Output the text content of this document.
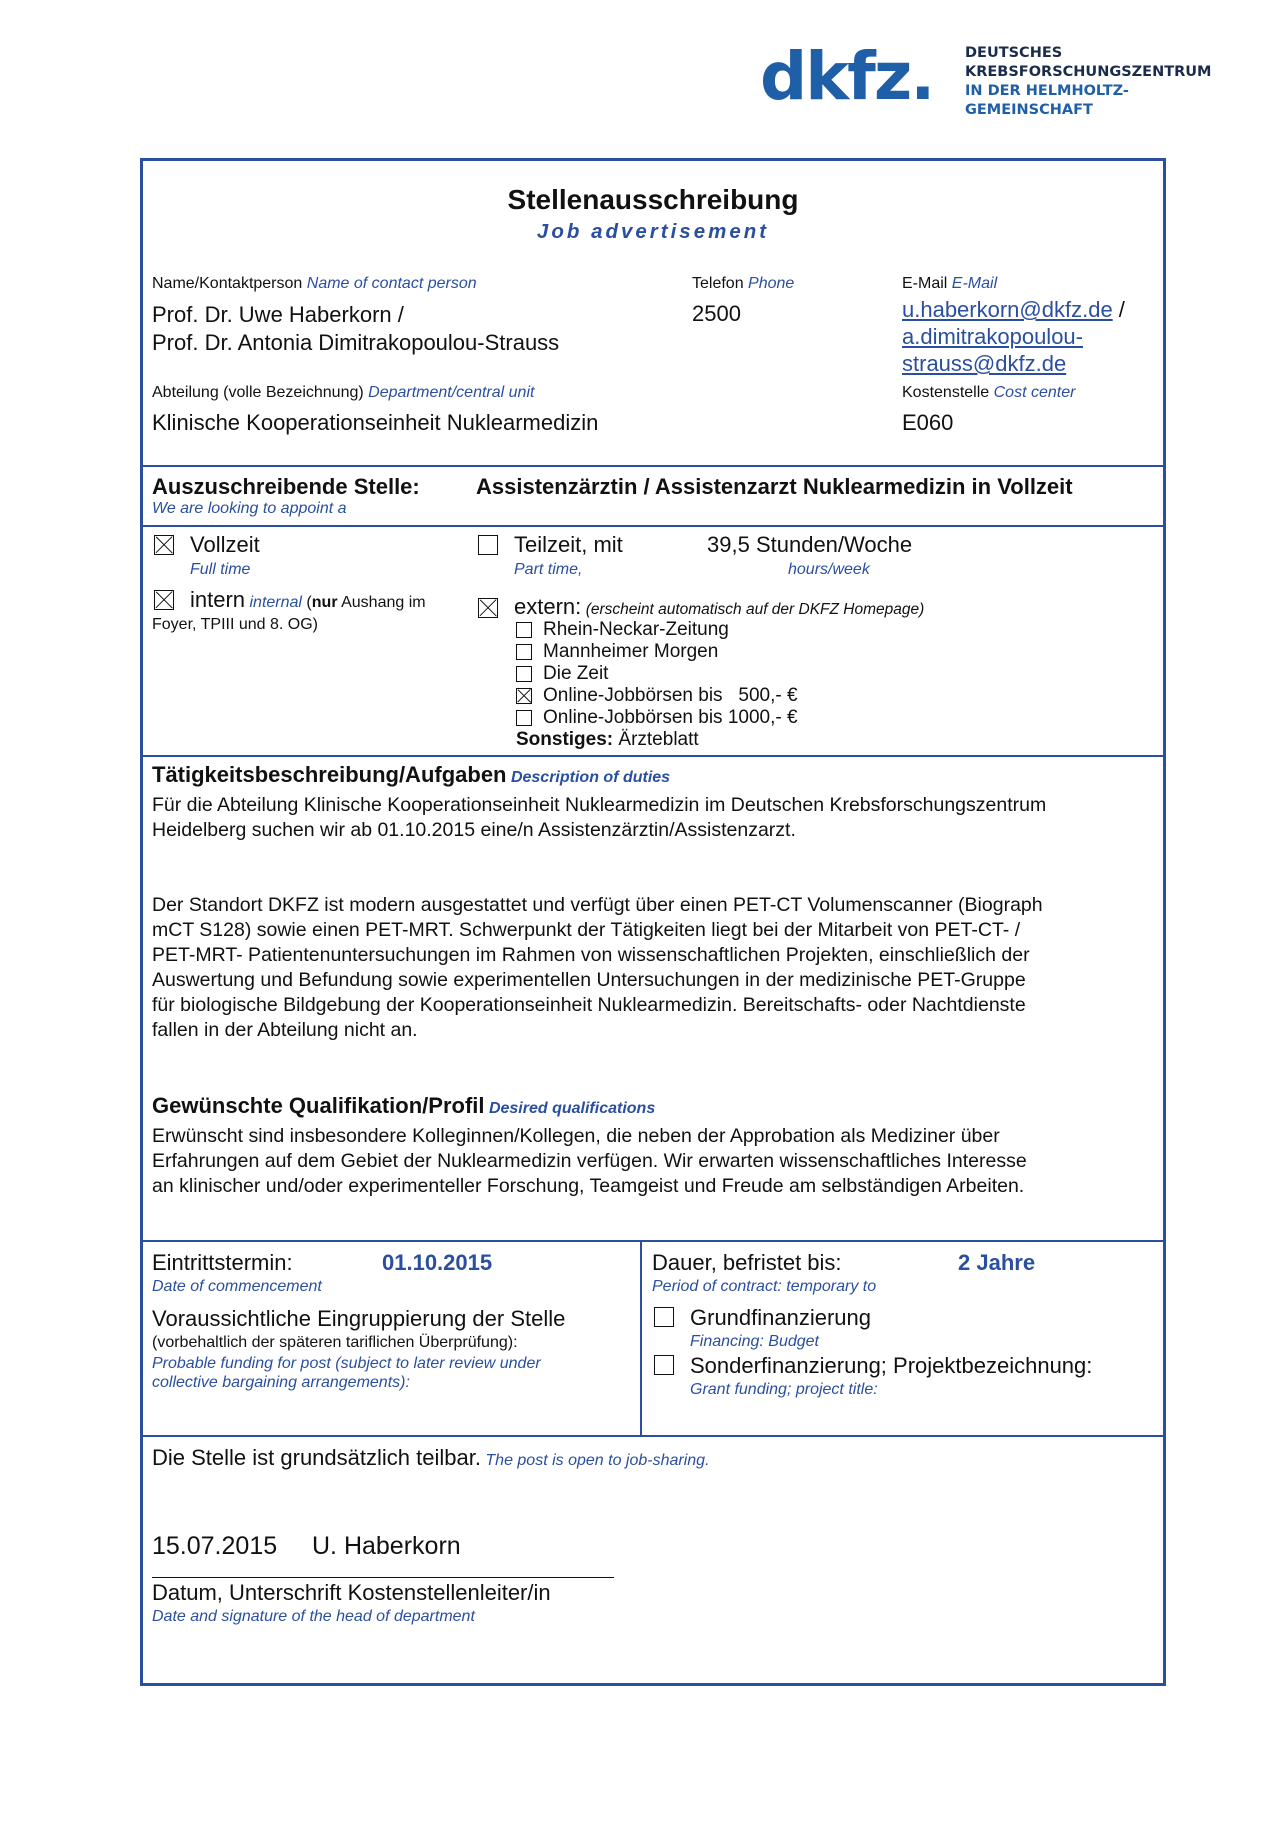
dkfz. DEUTSCHES
KREBSFORSCHUNGSZENTRUM
IN DER HELMHOLTZ-GEMEINSCHAFT
Stellenausschreibung
Job advertisement
Name/Kontaktperson Name of contact person
Prof. Dr. Uwe Haberkorn /
Prof. Dr. Antonia Dimitrakopoulou-Strauss
Telefon Phone
2500
E-Mail E-Mail
u.haberkorn@dkfz.de /
a.dimitrakopoulou-
strauss@dkfz.de
Abteilung (volle Bezeichnung) Department/central unit
Klinische Kooperationseinheit Nuklearmedizin
Kostenstelle Cost center
E060
Auszuschreibende Stelle:
We are looking to appoint a
Assistenzärztin / Assistenzarzt Nuklearmedizin in Vollzeit
Vollzeit
Full time
Teilzeit, mit
Part time,
39,5 Stunden/Woche
hours/week
intern internal (nur Aushang im
Foyer, TPIII und 8. OG)
extern: (erscheint automatisch auf der DKFZ Homepage)
Rhein-Neckar-Zeitung
Mannheimer Morgen
Die Zeit
Online-Jobbörsen bis   500,- €
Online-Jobbörsen bis 1000,- €
Sonstiges: Ärzteblatt
Tätigkeitsbeschreibung/Aufgaben Description of duties
Für die Abteilung Klinische Kooperationseinheit Nuklearmedizin im Deutschen Krebsforschungszentrum
Heidelberg suchen wir ab 01.10.2015 eine/n Assistenzärztin/Assistenzarzt.
Der Standort DKFZ ist modern ausgestattet und verfügt über einen PET-CT Volumenscanner (Biograph
mCT S128) sowie einen PET-MRT. Schwerpunkt der Tätigkeiten liegt bei der Mitarbeit von PET-CT- /
PET-MRT- Patientenuntersuchungen im Rahmen von wissenschaftlichen Projekten, einschließlich der
Auswertung und Befundung sowie experimentellen Untersuchungen in der medizinische PET-Gruppe
für biologische Bildgebung der Kooperationseinheit Nuklearmedizin. Bereitschafts- oder Nachtdienste
fallen in der Abteilung nicht an.
Gewünschte Qualifikation/Profil Desired qualifications
Erwünscht sind insbesondere Kolleginnen/Kollegen, die neben der Approbation als Mediziner über
Erfahrungen auf dem Gebiet der Nuklearmedizin verfügen. Wir erwarten wissenschaftliches Interesse
an klinischer und/oder experimenteller Forschung, Teamgeist und Freude am selbständigen Arbeiten.
Eintrittstermin:	01.10.2015
Date of commencement
Voraussichtliche Eingruppierung der Stelle
(vorbehaltlich der späteren tariflichen Überprüfung):
Probable funding for post (subject to later review under
collective bargaining arrangements):
Dauer, befristet bis:	2 Jahre
Period of contract: temporary to
Grundfinanzierung
Financing: Budget
Sonderfinanzierung; Projektbezeichnung:
Grant funding; project title:
Die Stelle ist grundsätzlich teilbar. The post is open to job-sharing.
15.07.2015 U. Haberkorn
Datum, Unterschrift Kostenstellenleiter/in
Date and signature of the head of department
